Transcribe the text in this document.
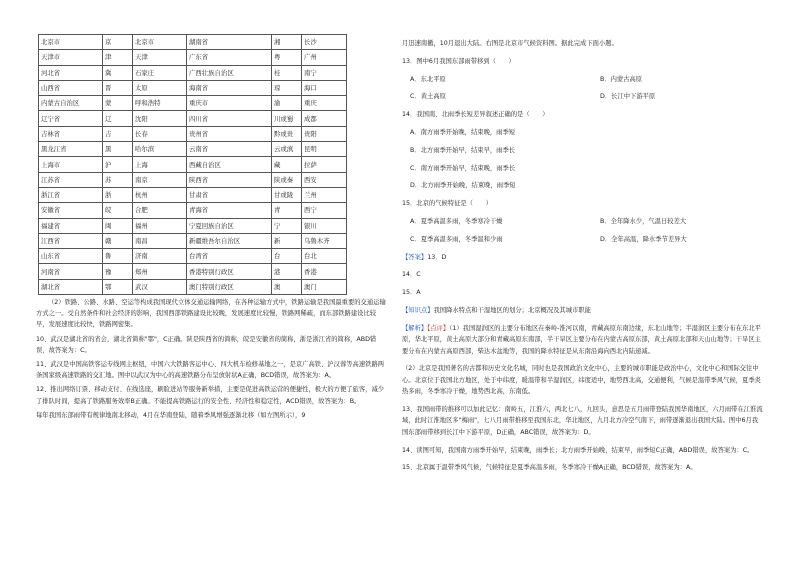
北京市	京	北京市	湖南省	湘	长沙
天津市	津	天津	广东省	粤	广州
河北省	冀	石家庄	广西壮族自治区	桂	南宁
山西省	晋	太原	海南省	琼	海口
内蒙古自治区	蒙	呼和浩特	重庆市	渝	重庆
辽宁省	辽	沈阳	四川省	川或蜀	成都
吉林省	吉	长春	贵州省	黔或贵	贵阳
黑龙江省	黑	哈尔滨	云南省	云或滇	昆明
上海市	沪	上海	西藏自治区	藏	拉萨
江苏省	苏	南京	陕西省	陕或秦	西安
浙江省	浙	杭州	甘肃省	甘或陇	兰州
安徽省	皖	合肥	青海省	青	西宁
福建省	闽	福州	宁夏回族自治区	宁	银川
江西省	赣	南昌	新疆维吾尔自治区	新	乌鲁木齐
山东省	鲁	济南	台湾省	台	台北
河南省	豫	郑州	香港特别行政区	港	香港
湖北省	鄂	武汉	澳门特别行政区	澳	澳门

（2）铁路、公路、水路、空运等构成我国现代立体交通运输网络，在各种运输方式中，铁路运输是我国最重要的交通运输方式之一。受自然条件和社会经济的影响，我国西部铁路建设比较晚，发展速度比较慢，铁路网稀疏，而东部铁路建设比较早，发展速度比较快，铁路网密集。

10、武汉是湖北省的省会，湖北省简称"鄂"，C正确。陕是陕西省的简称，皖是安徽省的简称，浙是浙江省的简称，ABD错误，故答案为：C。

11、武汉是中国高铁客运专线网主枢纽，中国六大铁路客运中心、四大机车检修基地之一，是京广高铁、沪汉蓉等高速铁路两条国家级高速铁路的交汇地。图中以武汉为中心的高速铁路分布呈放射状A正确，BCD错误，故答案为：A。

12、推出网络订票、移动支付、在线选座，刷脸进站等服务新举措，主要是促进高铁运营的便捷性，极大的方便了旅客，减少了排队时间，提高了铁路服务效率B正确。不能提高铁路运行的安全性、经济性和稳定性，ACD错误，故答案为：B。

每年我国东部雨带有规律地南北移动，4月在华南登陆，随着季风增强逐渐北移（如左图所示），9

月迅速南撤，10月退出大陆。右图是北京市气候资料图。据此完成下面小题。

13．图中6月我国东部雨带移到（　　）

A．东北平原	B．内蒙古高原
C．黄土高原	D．长江中下游平原

14．我国南、北雨季长短差异叙述正确的是（　　）

A．南方雨季开始晚，结束晚，雨季短

B．北方雨季开始早，结束早，雨季长

C．南方雨季开始早，结束晚，雨季长

D．北方雨季开始晚，结束晚，雨季短

15．北京的气候特征是（　　）

A．夏季高温多雨，冬季寒冷干燥	B．全年降水少，气温日较差大
C．夏季高温多雨，冬季温和少雨	D．全年高温，降水季节差异大

【答案】13．D

14．C

15．A

【知识点】我国降水特点和干湿地区的划分；北京概况及其城市职能

【解析】【点评】（1）我国湿润区的主要分布地区在秦岭-淮河以南，青藏高原东南边缘，东北山地等；半湿润区主要分布在东北平原，华北平原，黄土高原大部分和青藏高原东南部，半干旱区主要分布在内蒙古高原东部，黄土高原北部和天山山地等；干旱区主要分布在内蒙古高原西部，柴达木盆地等，我国的降水特征是从东南沿海向西北内陆递减。

（2）北京是我国著名的古都和历史文化名城，同时也是我国政治文化中心，主要的城市职能是政治中心，文化中心和国际交往中心。北京位于我国北方地区，处于中纬度，暖温带和半湿润区，纬度适中，地势西北高，交通便利，气候是温带季风气候，夏季炎热多雨，冬季寒冷干燥，地势西北高，东南低。

13、我国雨带的推移可以加此记忆：南岭五，江淮六，两北七八，九回头，意思是五月雨带登陆我国华南地区，六月雨带在江淮流域，此时江淮地区多"梅雨"，七八月雨带推移至我国东北，华北地区，九月北方冷空气南下，雨带逐渐退出我国大陆。图中6月我国东部雨带移到长江中下游平原，D正确，ABC错误，故答案为：D。

14、读图可知，我国南方雨季开始早，结束晚，雨季长；北方雨季开始晚，结束早，雨季短C正确，ABD错误，故答案为：C。

15、北京属于温带季风气候，气候特征是夏季高温多雨，冬季寒冷干燥A正确，BCD错误，故答案为：A。
